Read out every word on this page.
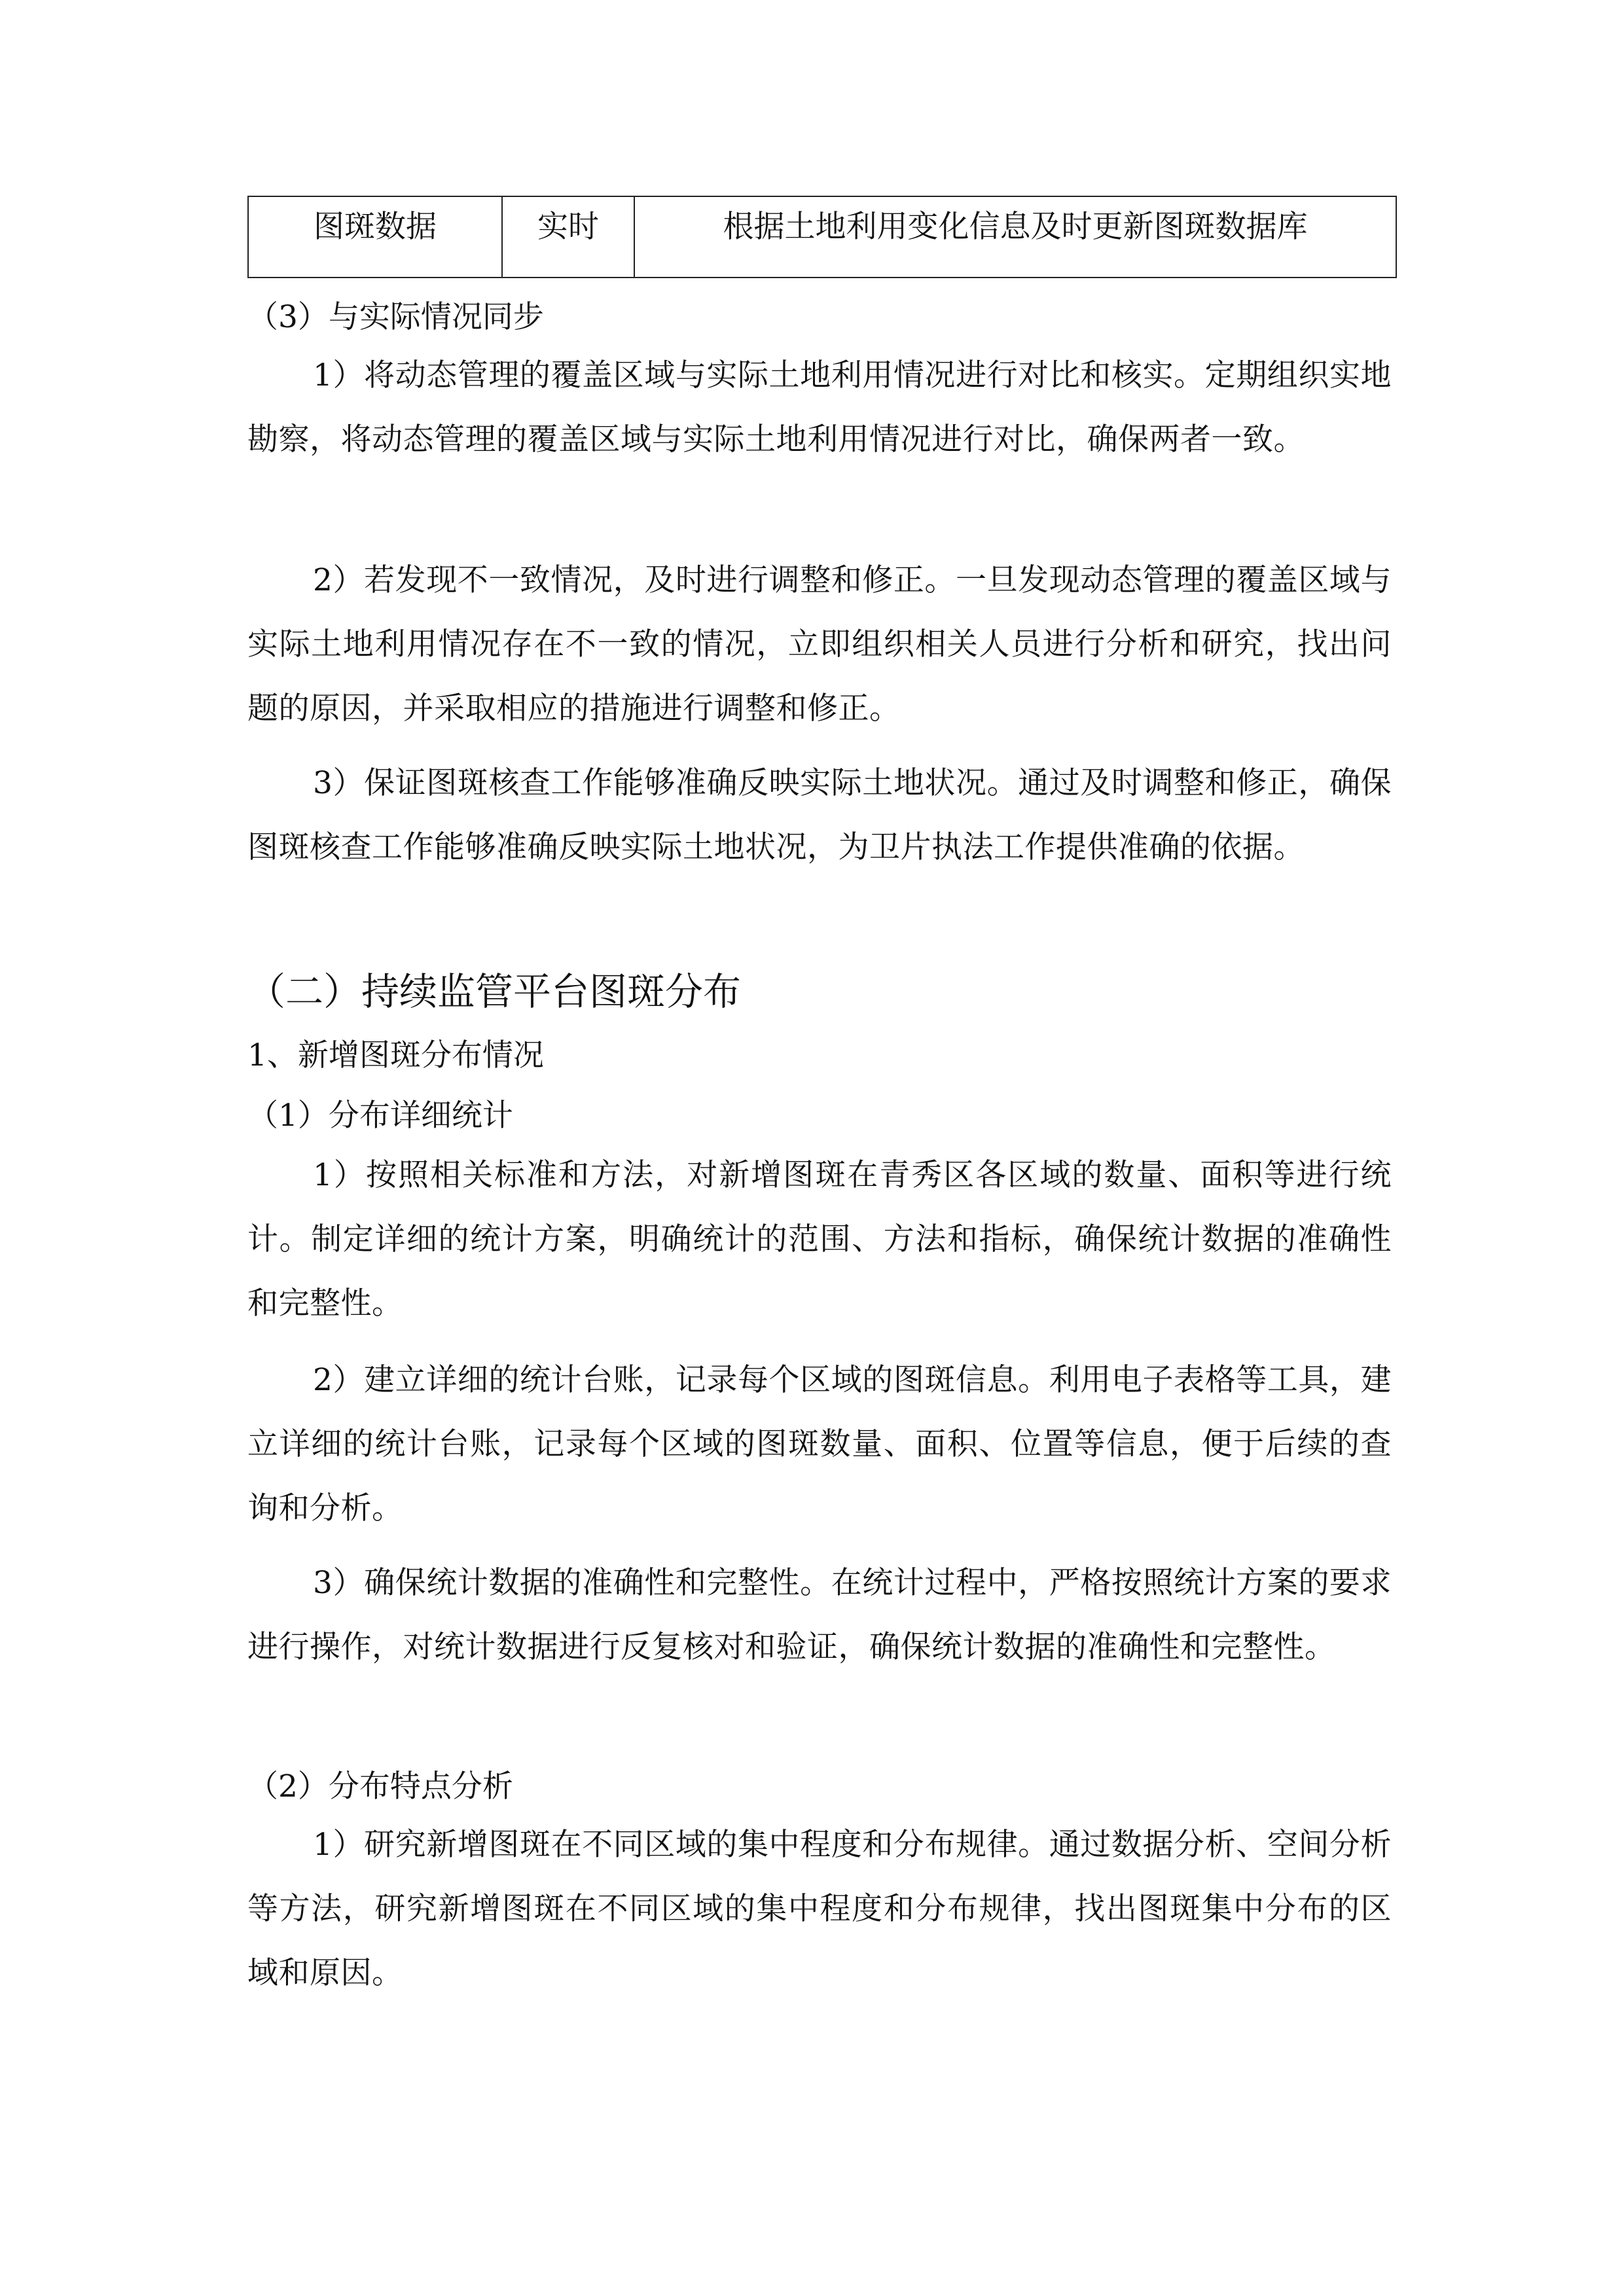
图斑数据	实时	根据土地利用变化信息及时更新图斑数据库
（3）与实际情况同步

1）将动态管理的覆盖区域与实际土地利用情况进行对比和核实。定期组织实地勘察，将动态管理的覆盖区域与实际土地利用情况进行对比，确保两者一致。

2）若发现不一致情况，及时进行调整和修正。一旦发现动态管理的覆盖区域与实际土地利用情况存在不一致的情况，立即组织相关人员进行分析和研究，找出问题的原因，并采取相应的措施进行调整和修正。

3）保证图斑核查工作能够准确反映实际土地状况。通过及时调整和修正，确保图斑核查工作能够准确反映实际土地状况，为卫片执法工作提供准确的依据。

（二）持续监管平台图斑分布
1、新增图斑分布情况
（1）分布详细统计

1）按照相关标准和方法，对新增图斑在青秀区各区域的数量、面积等进行统计。制定详细的统计方案，明确统计的范围、方法和指标，确保统计数据的准确性和完整性。

2）建立详细的统计台账，记录每个区域的图斑信息。利用电子表格等工具，建立详细的统计台账，记录每个区域的图斑数量、面积、位置等信息，便于后续的查询和分析。

3）确保统计数据的准确性和完整性。在统计过程中，严格按照统计方案的要求进行操作，对统计数据进行反复核对和验证，确保统计数据的准确性和完整性。

（2）分布特点分析

1）研究新增图斑在不同区域的集中程度和分布规律。通过数据分析、空间分析等方法，研究新增图斑在不同区域的集中程度和分布规律，找出图斑集中分布的区域和原因。
